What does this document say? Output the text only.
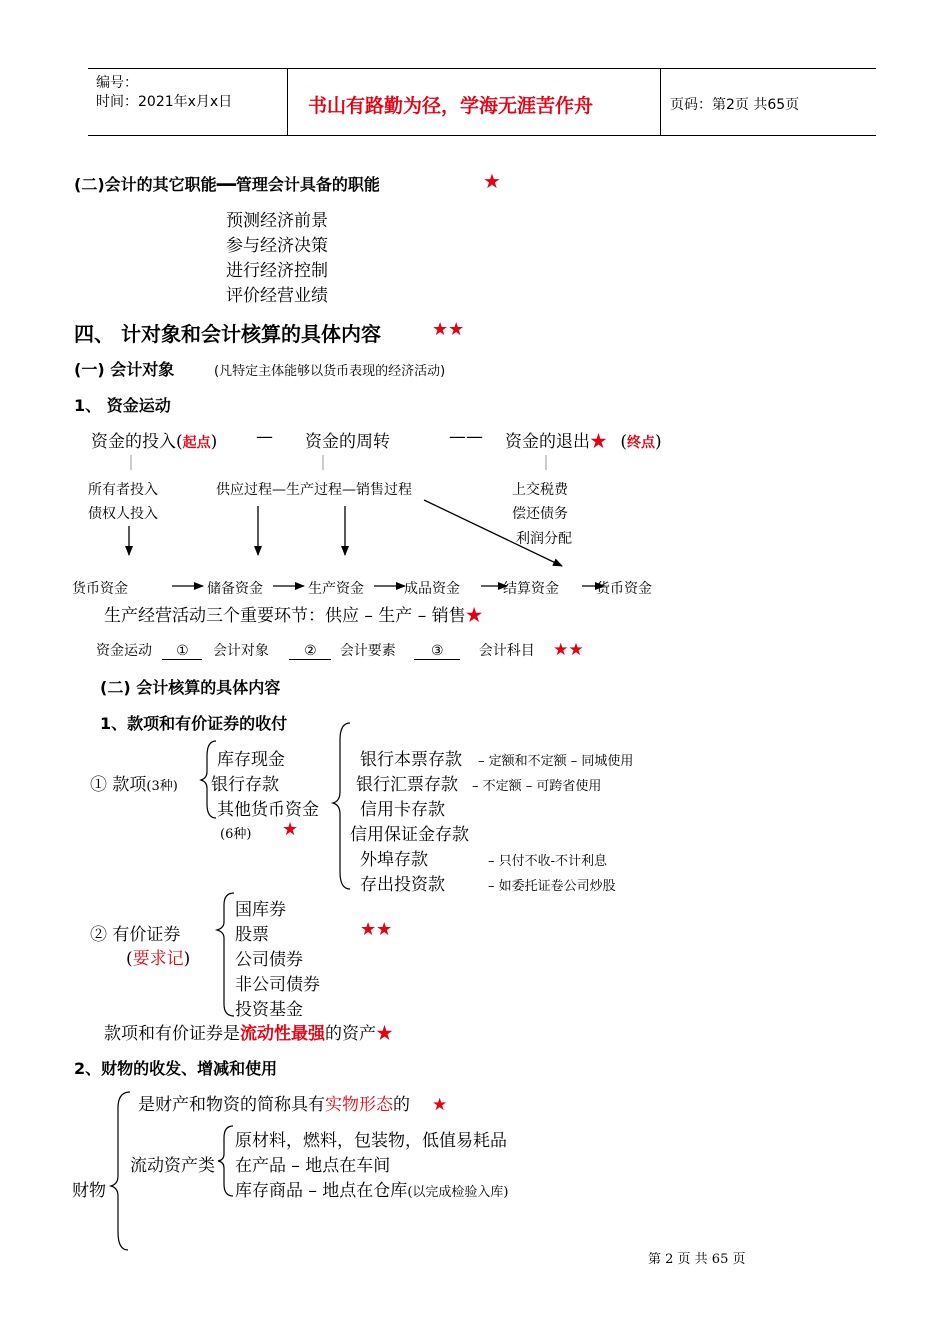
编号：
时间：2021年x月x日	书山有路勤为径，学海无涯苦作舟	页码：第2页 共65页
(二)会计的其它职能━━管理会计具备的职能	★
预测经济前景
参与经济决策
进行经济控制
评价经营业绩
四、 计对象和会计核算的具体内容	★★
(一) 会计对象	(凡特定主体能够以货币表现的经济活动)
1、 资金运动
资金的投入(起点) — 资金的周转	—— 资金的退出★ (终点)
所有者投入
债权人投入
供应过程—生产过程—销售过程	上交税费
偿还债务
利润分配
货币资金	储备资金	生产资金	成品资金	结算资金	货币资金
生产经营活动三个重要环节：供应 – 生产 – 销售★
资金运动 ① 会计对象	② 会计要素	③	会计科目 ★★
(二) 会计核算的具体内容
1、款项和有价证券的收付
① 款项(3种)
库存现金
银行存款
其他货币资金
(6种) ★
银行本票存款 – 定额和不定额 – 同城使用
银行汇票存款 – 不定额 – 可跨省使用
信用卡存款
信用保证金存款
外埠存款	– 只付不收-不计利息
存出投资款	– 如委托证卷公司炒股
② 有价证券
(要求记)
★★
国库券
股票
公司债券
非公司债券
投资基金
款项和有价证券是流动性最强的资产★
2、财物的收发、增减和使用
是财产和物资的简称具有实物形态的 ★
财物
流动资产类
原材料，燃料，包装物，低值易耗品
在产品 – 地点在车间
库存商品 – 地点在仓库(以完成检验入库)
第 2 页 共 65 页
